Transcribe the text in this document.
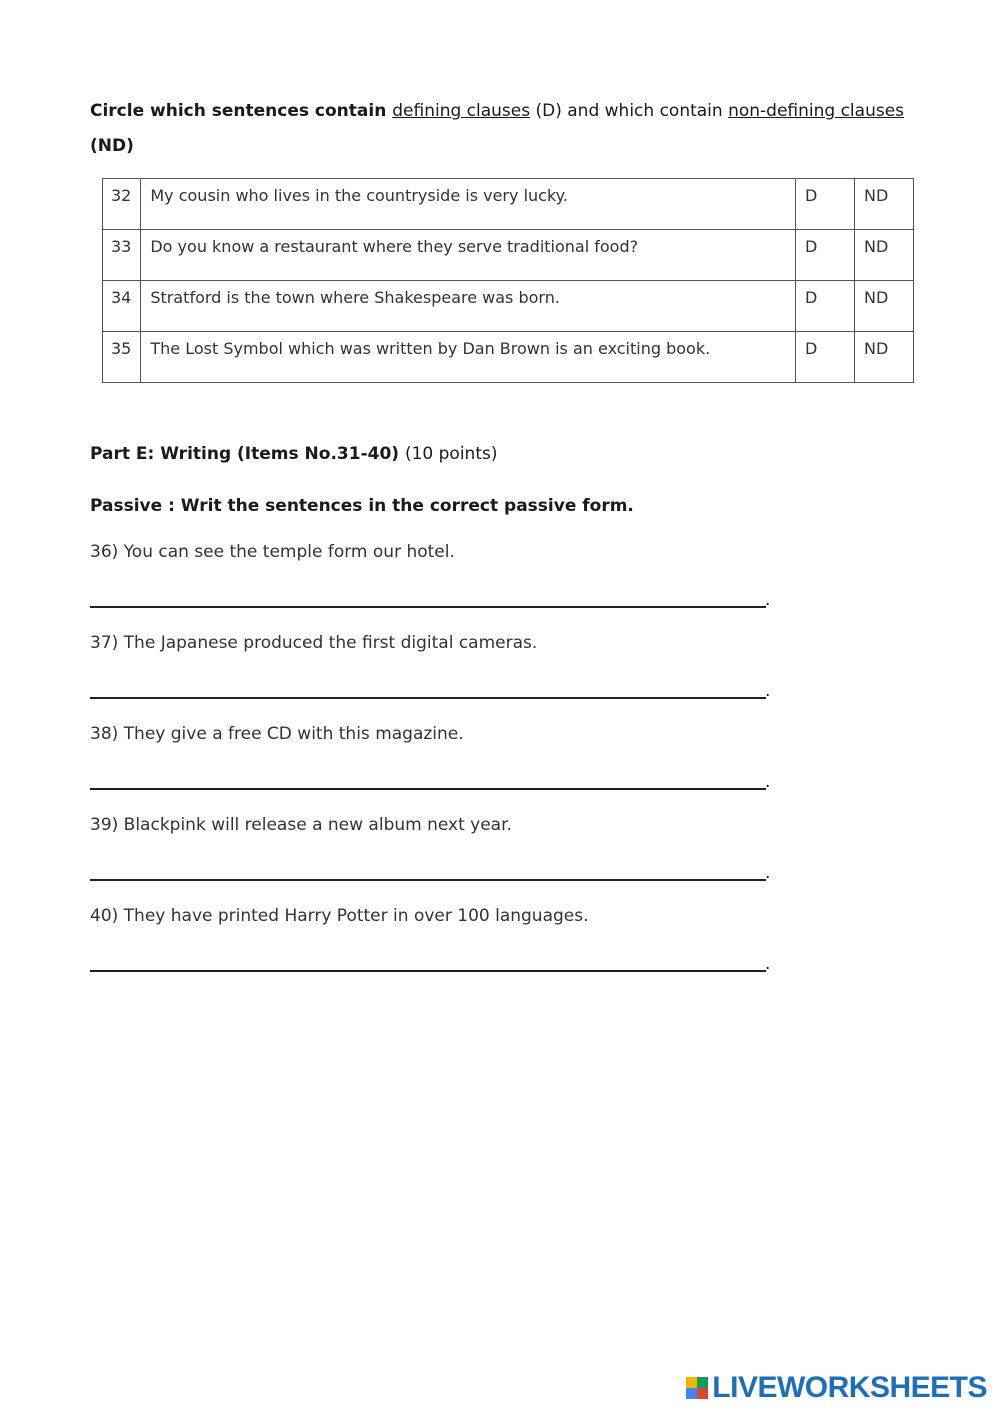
Circle which sentences contain defining clauses (D) and which contain non-defining clauses
(ND)
32	My cousin who lives in the countryside is very lucky.	D	ND
33	Do you know a restaurant where they serve traditional food?	D	ND
34	Stratford is the town where Shakespeare was born.	D	ND
35	The Lost Symbol which was written by Dan Brown is an exciting book.	D	ND
Part E: Writing (Items No.31-40) (10 points)
Passive : Writ the sentences in the correct passive form.
36) You can see the temple form our hotel.
.
37) The Japanese produced the first digital cameras.
.
38) They give a free CD with this magazine.
.
39) Blackpink will release a new album next year.
.
40) They have printed Harry Potter in over 100 languages.
.
LIVEWORKSHEETS
